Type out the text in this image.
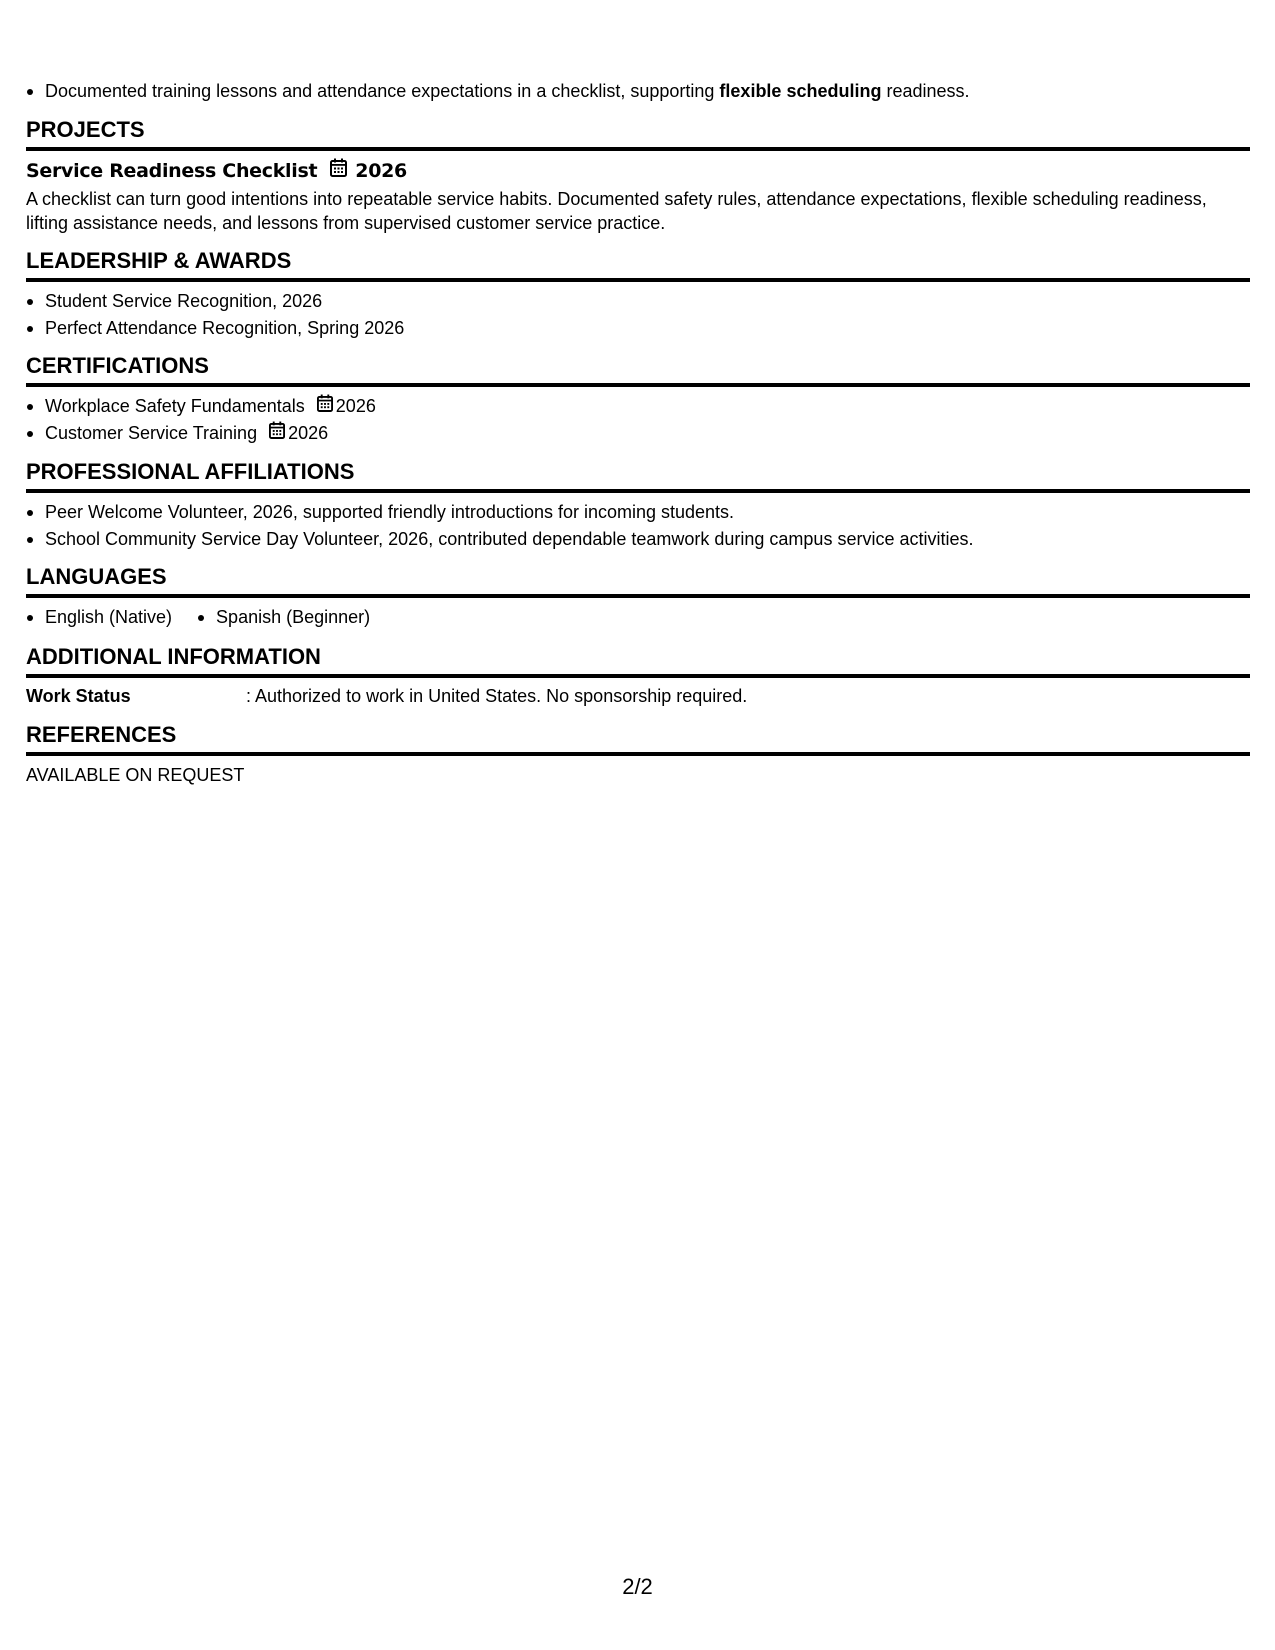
Documented training lessons and attendance expectations in a checklist, supporting flexible scheduling readiness.
PROJECTS
Service Readiness Checklist 2026
A checklist can turn good intentions into repeatable service habits. Documented safety rules, attendance expectations, flexible scheduling readiness, lifting assistance needs, and lessons from supervised customer service practice.
LEADERSHIP & AWARDS
Student Service Recognition, 2026
Perfect Attendance Recognition, Spring 2026
CERTIFICATIONS
Workplace Safety Fundamentals 2026
Customer Service Training 2026
PROFESSIONAL AFFILIATIONS
Peer Welcome Volunteer, 2026, supported friendly introductions for incoming students.
School Community Service Day Volunteer, 2026, contributed dependable teamwork during campus service activities.
LANGUAGES
English (Native)	Spanish (Beginner)
ADDITIONAL INFORMATION
Work Status	: Authorized to work in United States. No sponsorship required.
REFERENCES
AVAILABLE ON REQUEST
2/2
